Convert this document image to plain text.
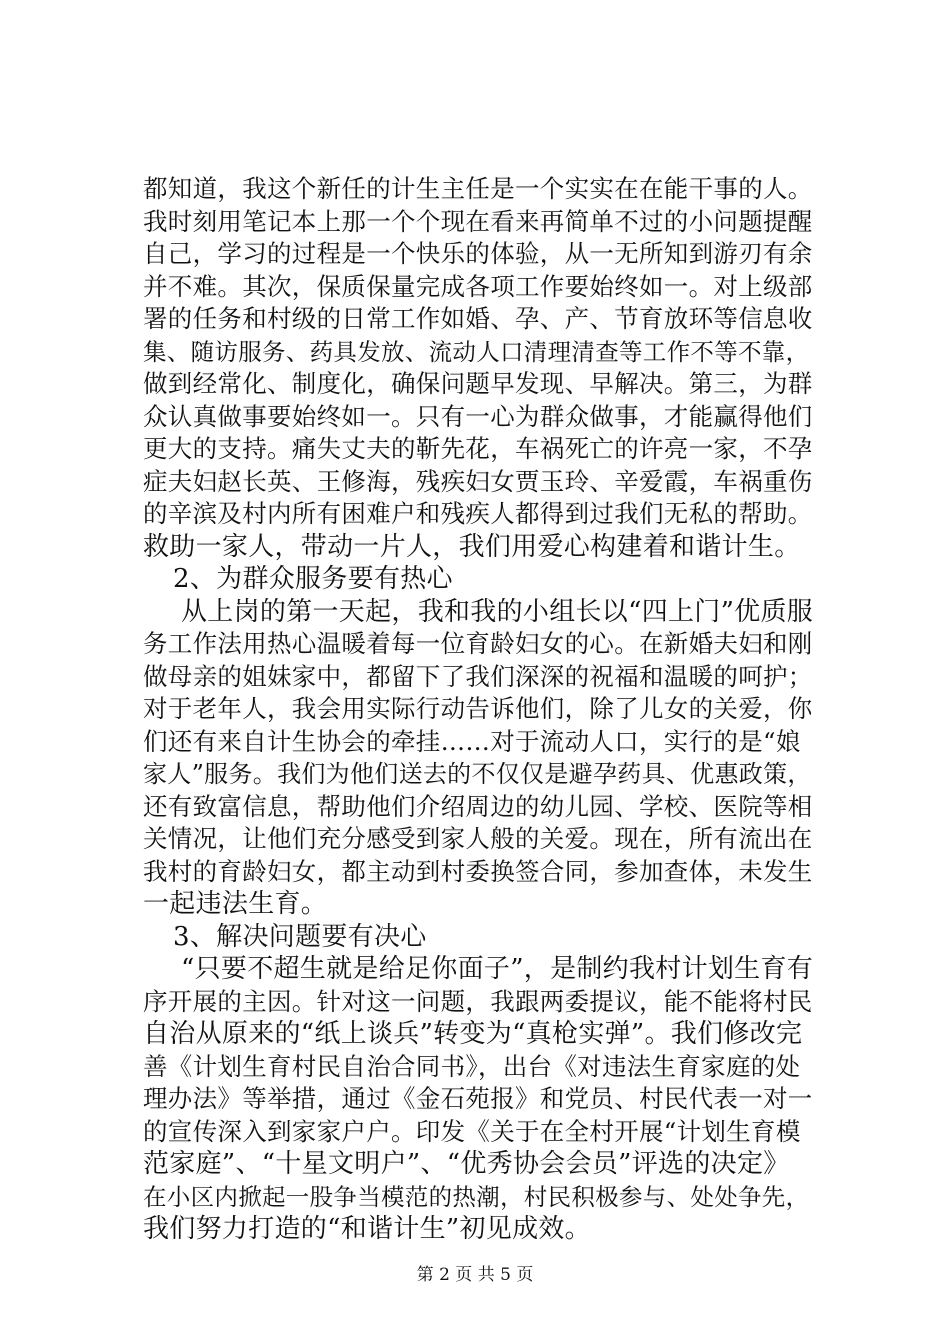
都知道，我这个新任的计生主任是一个实实在在能干事的人。
我时刻用笔记本上那一个个现在看来再简单不过的小问题提醒
自己，学习的过程是一个快乐的体验，从一无所知到游刃有余
并不难。其次，保质保量完成各项工作要始终如一。对上级部
署的任务和村级的日常工作如婚、孕、产、节育放环等信息收
集、随访服务、药具发放、流动人口清理清查等工作不等不靠，
做到经常化、制度化，确保问题早发现、早解决。第三，为群
众认真做事要始终如一。只有一心为群众做事，才能赢得他们
更大的支持。痛失丈夫的靳先花，车祸死亡的许亮一家，不孕
症夫妇赵长英、王修海，残疾妇女贾玉玲、辛爱霞，车祸重伤
的辛滨及村内所有困难户和残疾人都得到过我们无私的帮助。
救助一家人，带动一片人，我们用爱心构建着和谐计生。
2、为群众服务要有热心
从上岗的第一天起，我和我的小组长以“四上门”优质服
务工作法用热心温暖着每一位育龄妇女的心。在新婚夫妇和刚
做母亲的姐妹家中，都留下了我们深深的祝福和温暖的呵护；
对于老年人，我会用实际行动告诉他们，除了儿女的关爱，你
们还有来自计生协会的牵挂……对于流动人口，实行的是“娘
家人”服务。我们为他们送去的不仅仅是避孕药具、优惠政策，
还有致富信息，帮助他们介绍周边的幼儿园、学校、医院等相
关情况，让他们充分感受到家人般的关爱。现在，所有流出在
我村的育龄妇女，都主动到村委换签合同，参加查体，未发生
一起违法生育。
3、解决问题要有决心
“只要不超生就是给足你面子”，是制约我村计划生育有
序开展的主因。针对这一问题，我跟两委提议，能不能将村民
自治从原来的“纸上谈兵”转变为“真枪实弹”。我们修改完
善《计划生育村民自治合同书》，出台《对违法生育家庭的处
理办法》等举措，通过《金石苑报》和党员、村民代表一对一
的宣传深入到家家户户。印发《关于在全村开展“计划生育模
范家庭”、“十星文明户”、“优秀协会会员”评选的决定》
在小区内掀起一股争当模范的热潮，村民积极参与、处处争先，
我们努力打造的“和谐计生”初见成效。
第 2 页 共 5 页
